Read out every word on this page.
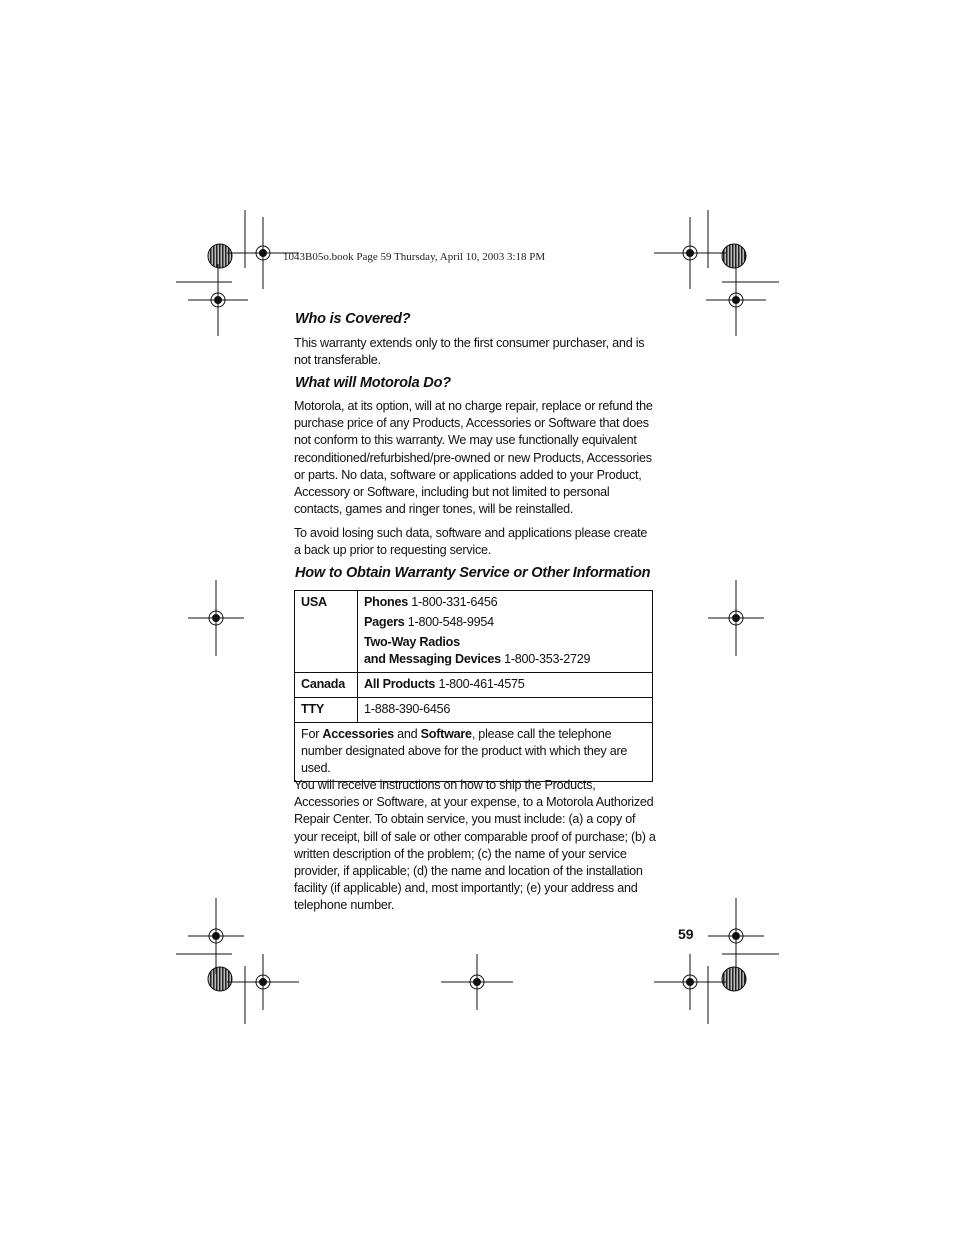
1043B05o.book Page 59 Thursday, April 10, 2003 3:18 PM
Who is Covered?

This warranty extends only to the first consumer purchaser, and is not transferable.

What will Motorola Do?

Motorola, at its option, will at no charge repair, replace or refund the purchase price of any Products, Accessories or Software that does not conform to this warranty. We may use functionally equivalent reconditioned/refurbished/pre-owned or new Products, Accessories or parts. No data, software or applications added to your Product, Accessory or Software, including but not limited to personal contacts, games and ringer tones, will be reinstalled.

To avoid losing such data, software and applications please create a back up prior to requesting service.

How to Obtain Warranty Service or Other Information
USA	Phones 1-800-331-6456
Pagers 1-800-548-9954
Two-Way Radios
and Messaging Devices 1-800-353-2729

Canada	All Products 1-800-461-4575
TTY	1-888-390-6456
For Accessories and Software, please call the telephone number designated above for the product with which they are used.	

You will receive instructions on how to ship the Products, Accessories or Software, at your expense, to a Motorola Authorized Repair Center. To obtain service, you must include: (a) a copy of your receipt, bill of sale or other comparable proof of purchase; (b) a written description of the problem; (c) the name of your service provider, if applicable; (d) the name and location of the installation facility (if applicable) and, most importantly; (e) your address and telephone number.

59
